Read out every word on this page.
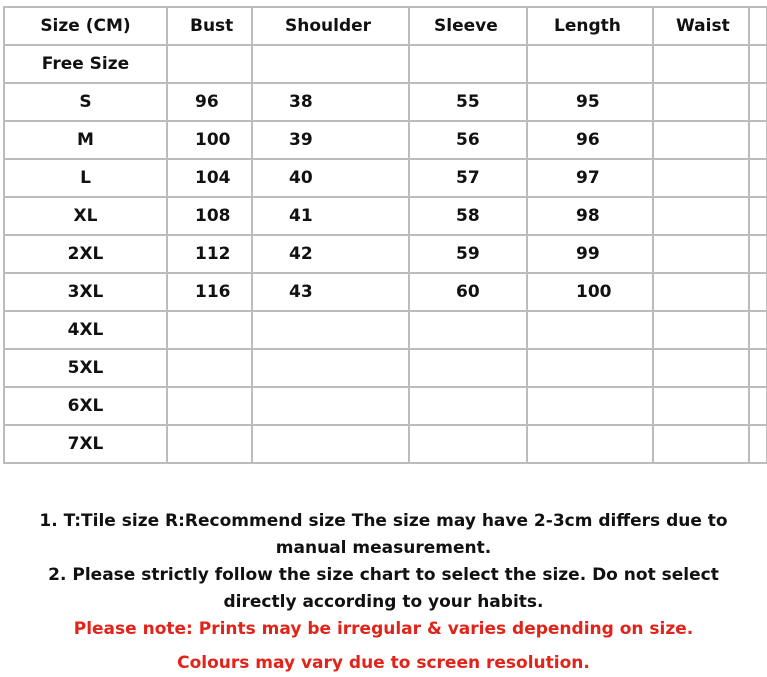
Size (CM)	Bust	Shoulder	Sleeve	Length	Waist	
Free Size						
S	96	38	55	95		
M	100	39	56	96		
L	104	40	57	97		
XL	108	41	58	98		
2XL	112	42	59	99		
3XL	116	43	60	100		
4XL						
5XL						
6XL						
7XL						

1. T:Tile size R:Recommend size The size may have 2-3cm differs due to manual measurement.

2. Please strictly follow the size chart to select the size. Do not select directly according to your habits.

Please note: Prints may be irregular & varies depending on size.

Colours may vary due to screen resolution.
